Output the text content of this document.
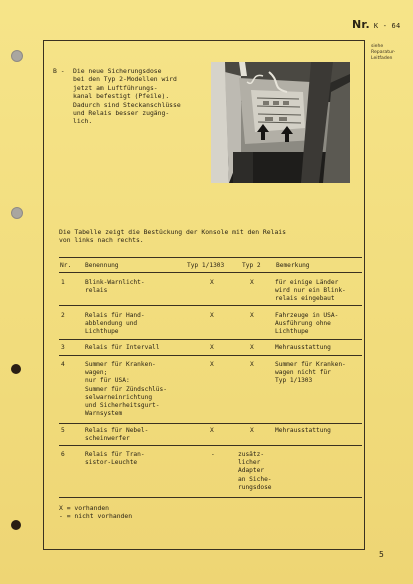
Nr. K - 64
siehe
Reparatur-
Leitfaden
B - Die neue Sicherungsdose
bei den Typ 2-Modellen wird
jetzt am Luftführungs-
kanal befestigt (Pfeile).
Dadurch sind Steckanschlüsse
und Relais besser zugäng-
lich.
Die Tabelle zeigt die Bestückung der Konsole mit den Relais
von links nach rechts.
Nr. Benennung	Typ 1/1303	Typ 2 Bemerkung
1	Blink-Warnlicht-
relais
X	X	für einige Länder
wird nur ein Blink-
relais eingebaut
2	Relais für Hand-
abblendung und
Lichthupe
X	X	Fahrzeuge in USA-
Ausführung ohne
Lichthupe
3	Relais für Intervall	X	X	Mehrausstattung
4	Summer für Kranken-
wagen;
nur für USA:
Summer für Zündschlüs-
selwarneinrichtung
und Sicherheitsgurt-
Warnsystem
X	X	Summer für Kranken-
wagen nicht für
Typ 1/1303
5	Relais für Nebel-
scheinwerfer
X	X	Mehrausstattung
6	Relais für Tran-
sistor-Leuchte
-	zusätz-
licher
Adapter
an Siche-
rungsdose
X = vorhanden
- = nicht vorhanden
5
